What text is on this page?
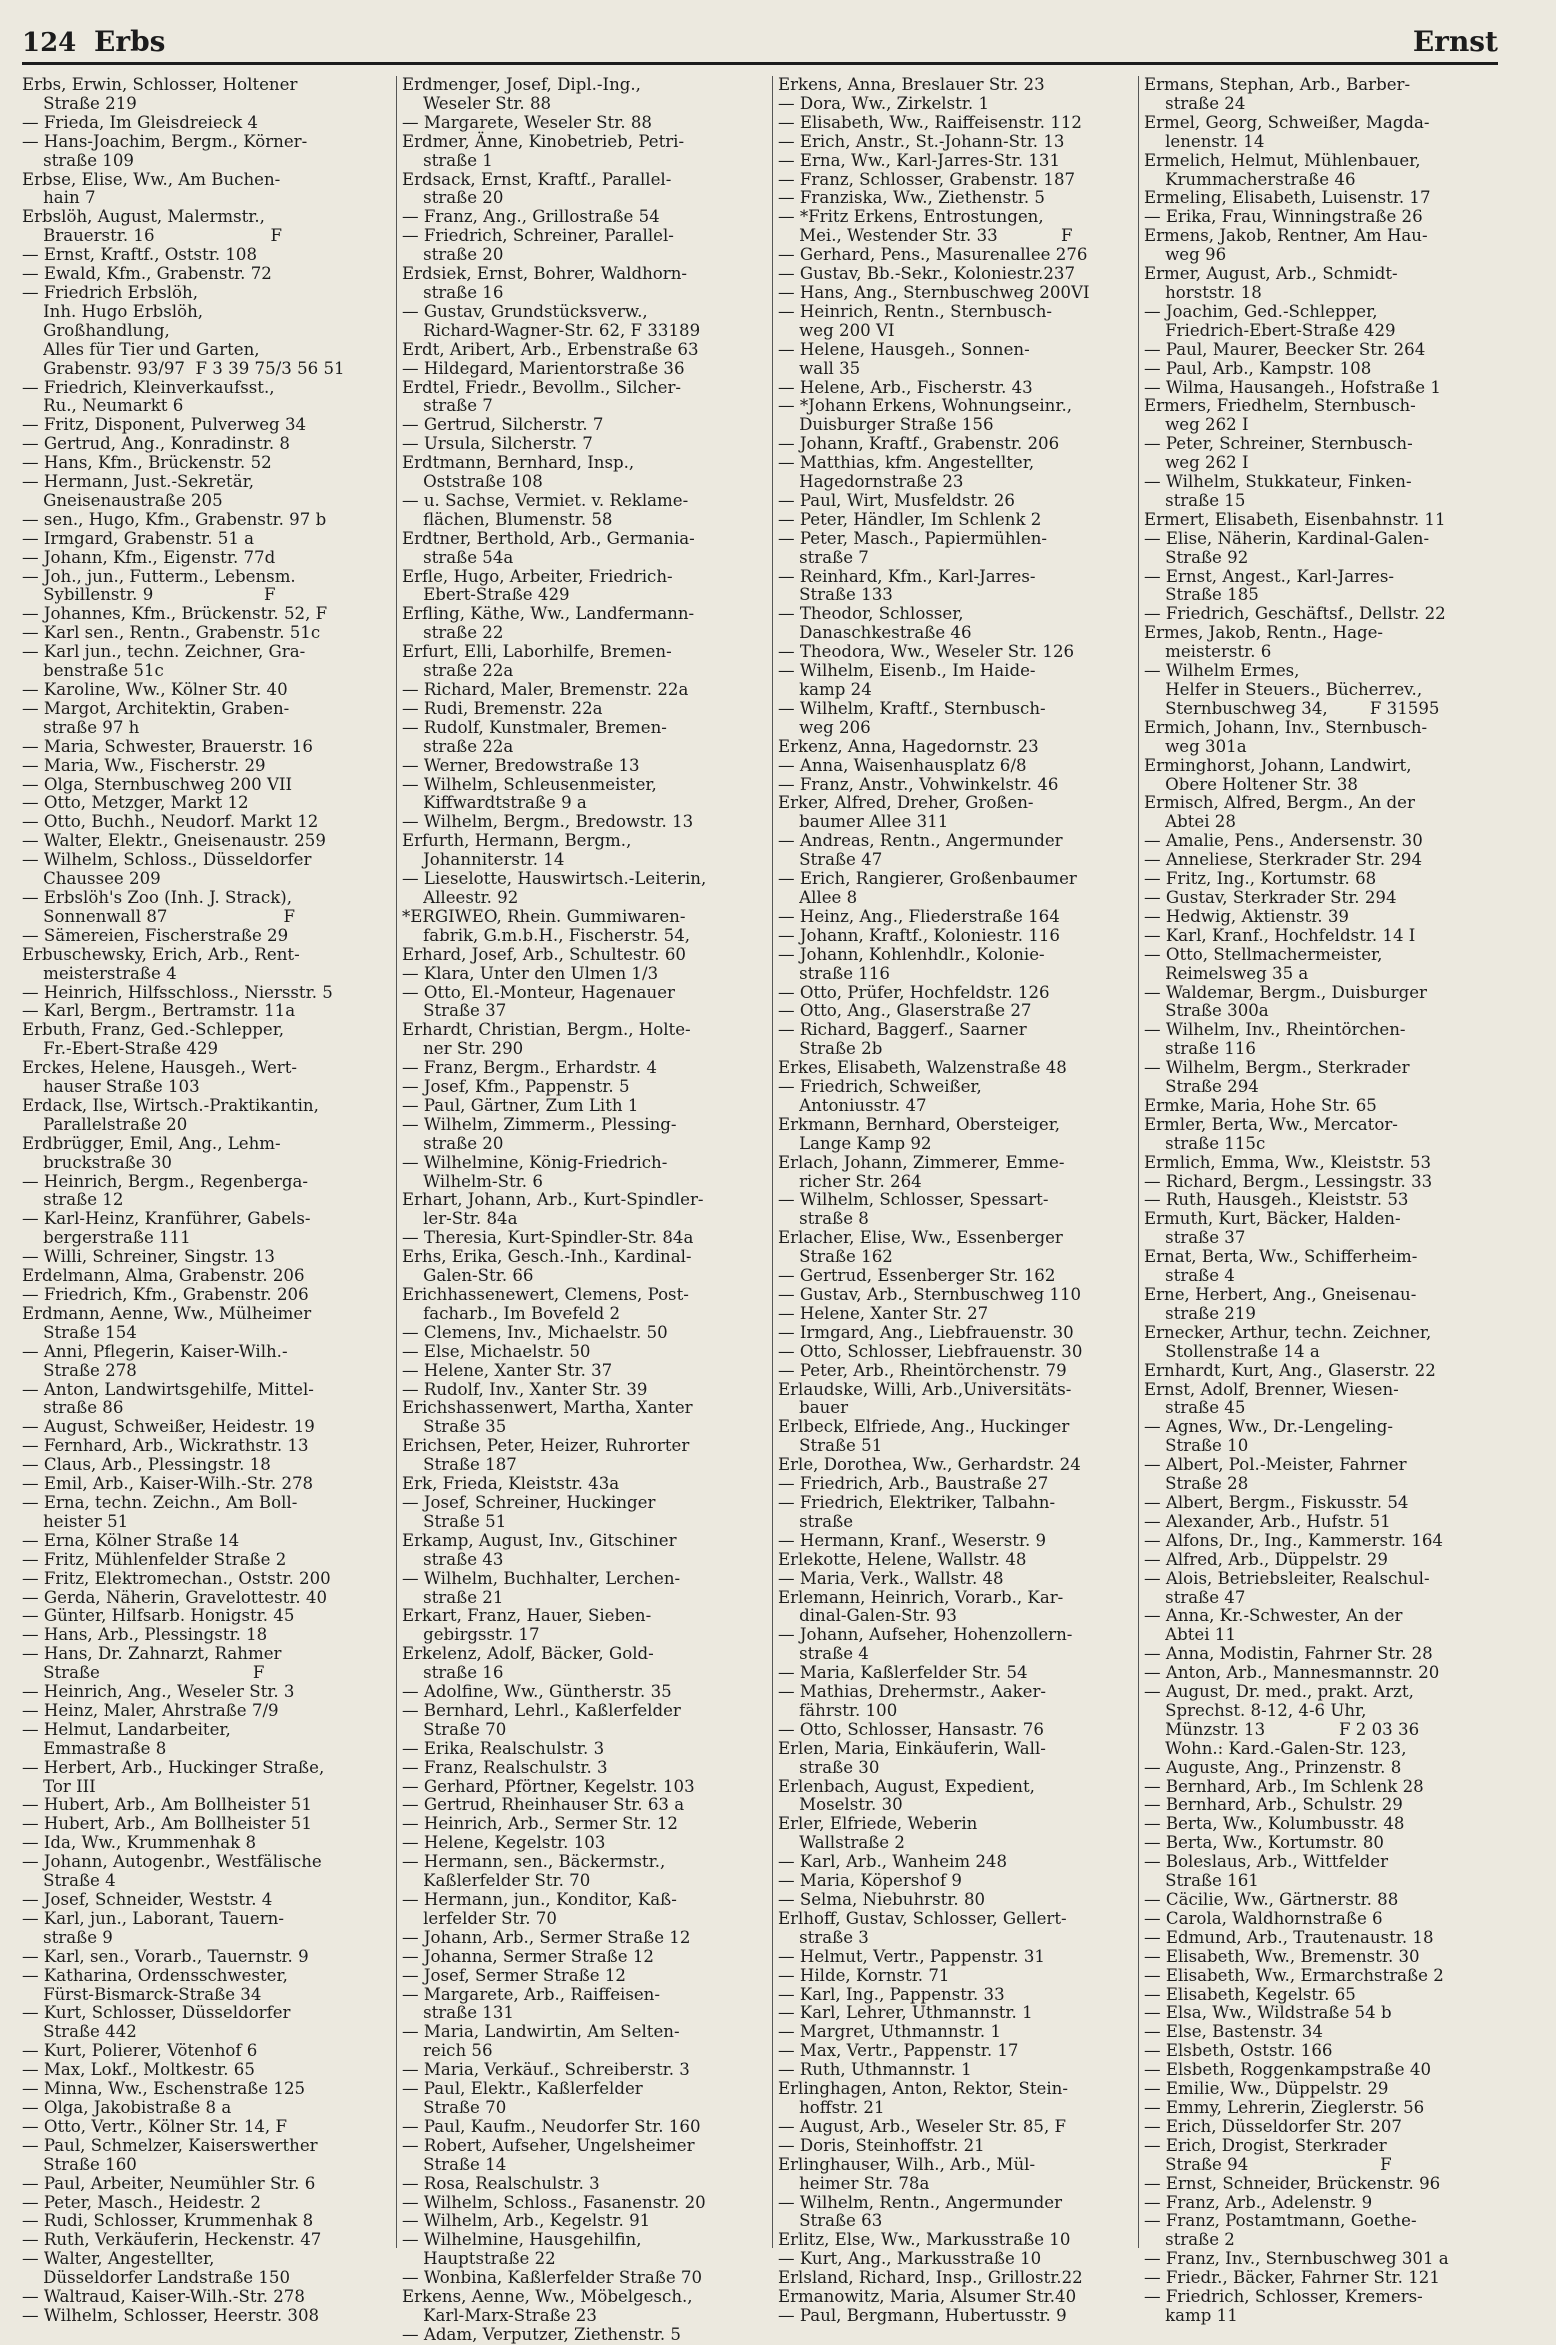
124 Erbs	Ernst
Erbs, Erwin, Schlosser, Holtener
Straße 219
— Frieda, Im Gleisdreieck 4
— Hans-Joachim, Bergm., Körner-
straße 109
Erbse, Elise, Ww., Am Buchen-
hain 7
Erbslöh, August, Malermstr.,
Brauerstr. 16                      F
— Ernst, Kraftf., Oststr. 108
— Ewald, Kfm., Grabenstr. 72
— Friedrich Erbslöh,
Inh. Hugo Erbslöh,
Großhandlung,
Alles für Tier und Garten,
Grabenstr. 93/97  F 3 39 75/3 56 51
— Friedrich, Kleinverkaufsst.,
Ru., Neumarkt 6
— Fritz, Disponent, Pulverweg 34
— Gertrud, Ang., Konradinstr. 8
— Hans, Kfm., Brückenstr. 52
— Hermann, Just.-Sekretär,
Gneisenaustraße 205
— sen., Hugo, Kfm., Grabenstr. 97 b
— Irmgard, Grabenstr. 51 a
— Johann, Kfm., Eigenstr. 77d
— Joh., jun., Futterm., Lebensm.
Sybillenstr. 9                     F
— Johannes, Kfm., Brückenstr. 52, F
— Karl sen., Rentn., Grabenstr. 51c
— Karl jun., techn. Zeichner, Gra-
benstraße 51c
— Karoline, Ww., Kölner Str. 40
— Margot, Architektin, Graben-
straße 97 h
— Maria, Schwester, Brauerstr. 16
— Maria, Ww., Fischerstr. 29
— Olga, Sternbuschweg 200 VII
— Otto, Metzger, Markt 12
— Otto, Buchh., Neudorf. Markt 12
— Walter, Elektr., Gneisenaustr. 259
— Wilhelm, Schloss., Düsseldorfer
Chaussee 209
— Erbslöh's Zoo (Inh. J. Strack),
Sonnenwall 87                      F
— Sämereien, Fischerstraße 29
Erbuschewsky, Erich, Arb., Rent-
meisterstraße 4
— Heinrich, Hilfsschloss., Niersstr. 5
— Karl, Bergm., Bertramstr. 11a
Erbuth, Franz, Ged.-Schlepper,
Fr.-Ebert-Straße 429
Erckes, Helene, Hausgeh., Wert-
hauser Straße 103
Erdack, Ilse, Wirtsch.-Praktikantin,
Parallelstraße 20
Erdbrügger, Emil, Ang., Lehm-
bruckstraße 30
— Heinrich, Bergm., Regenberga-
straße 12
— Karl-Heinz, Kranführer, Gabels-
bergerstraße 111
— Willi, Schreiner, Singstr. 13
Erdelmann, Alma, Grabenstr. 206
— Friedrich, Kfm., Grabenstr. 206
Erdmann, Aenne, Ww., Mülheimer
Straße 154
— Anni, Pflegerin, Kaiser-Wilh.-
Straße 278
— Anton, Landwirtsgehilfe, Mittel-
straße 86
— August, Schweißer, Heidestr. 19
— Fernhard, Arb., Wickrathstr. 13
— Claus, Arb., Plessingstr. 18
— Emil, Arb., Kaiser-Wilh.-Str. 278
— Erna, techn. Zeichn., Am Boll-
heister 51
— Erna, Kölner Straße 14
— Fritz, Mühlenfelder Straße 2
— Fritz, Elektromechan., Oststr. 200
— Gerda, Näherin, Gravelottestr. 40
— Günter, Hilfsarb. Honigstr. 45
— Hans, Arb., Plessingstr. 18
— Hans, Dr. Zahnarzt, Rahmer
Straße                             F
— Heinrich, Ang., Weseler Str. 3
— Heinz, Maler, Ahrstraße 7/9
— Helmut, Landarbeiter,
Emmastraße 8
— Herbert, Arb., Huckinger Straße,
Tor III
— Hubert, Arb., Am Bollheister 51
— Hubert, Arb., Am Bollheister 51
— Ida, Ww., Krummenhak 8
— Johann, Autogenbr., Westfälische
Straße 4
— Josef, Schneider, Weststr. 4
— Karl, jun., Laborant, Tauern-
straße 9
— Karl, sen., Vorarb., Tauernstr. 9
— Katharina, Ordensschwester,
Fürst-Bismarck-Straße 34
— Kurt, Schlosser, Düsseldorfer
Straße 442
— Kurt, Polierer, Vötenhof 6
— Max, Lokf., Moltkestr. 65
— Minna, Ww., Eschenstraße 125
— Olga, Jakobistraße 8 a
— Otto, Vertr., Kölner Str. 14, F
— Paul, Schmelzer, Kaiserswerther
Straße 160
— Paul, Arbeiter, Neumühler Str. 6
— Peter, Masch., Heidestr. 2
— Rudi, Schlosser, Krummenhak 8
— Ruth, Verkäuferin, Heckenstr. 47
— Walter, Angestellter,
Düsseldorfer Landstraße 150
— Waltraud, Kaiser-Wilh.-Str. 278
— Wilhelm, Schlosser, Heerstr. 308
Erdmenger, Josef, Dipl.-Ing.,
Weseler Str. 88
— Margarete, Weseler Str. 88
Erdmer, Änne, Kinobetrieb, Petri-
straße 1
Erdsack, Ernst, Kraftf., Parallel-
straße 20
— Franz, Ang., Grillostraße 54
— Friedrich, Schreiner, Parallel-
straße 20
Erdsiek, Ernst, Bohrer, Waldhorn-
straße 16
— Gustav, Grundstücksverw.,
Richard-Wagner-Str. 62, F 33189
Erdt, Aribert, Arb., Erbenstraße 63
— Hildegard, Marientorstraße 36
Erdtel, Friedr., Bevollm., Silcher-
straße 7
— Gertrud, Silcherstr. 7
— Ursula, Silcherstr. 7
Erdtmann, Bernhard, Insp.,
Oststraße 108
— u. Sachse, Vermiet. v. Reklame-
flächen, Blumenstr. 58
Erdtner, Berthold, Arb., Germania-
straße 54a
Erfle, Hugo, Arbeiter, Friedrich-
Ebert-Straße 429
Erfling, Käthe, Ww., Landfermann-
straße 22
Erfurt, Elli, Laborhilfe, Bremen-
straße 22a
— Richard, Maler, Bremenstr. 22a
— Rudi, Bremenstr. 22a
— Rudolf, Kunstmaler, Bremen-
straße 22a
— Werner, Bredowstraße 13
— Wilhelm, Schleusenmeister,
Kiffwardtstraße 9 a
— Wilhelm, Bergm., Bredowstr. 13
Erfurth, Hermann, Bergm.,
Johanniterstr. 14
— Lieselotte, Hauswirtsch.-Leiterin,
Alleestr. 92
*ERGIWEO, Rhein. Gummiwaren-
fabrik, G.m.b.H., Fischerstr. 54,
Erhard, Josef, Arb., Schultestr. 60
— Klara, Unter den Ulmen 1/3
— Otto, El.-Monteur, Hagenauer
Straße 37
Erhardt, Christian, Bergm., Holte-
ner Str. 290
— Franz, Bergm., Erhardstr. 4
— Josef, Kfm., Pappenstr. 5
— Paul, Gärtner, Zum Lith 1
— Wilhelm, Zimmerm., Plessing-
straße 20
— Wilhelmine, König-Friedrich-
Wilhelm-Str. 6
Erhart, Johann, Arb., Kurt-Spindler-
ler-Str. 84a
— Theresia, Kurt-Spindler-Str. 84a
Erhs, Erika, Gesch.-Inh., Kardinal-
Galen-Str. 66
Erichhassenewert, Clemens, Post-
facharb., Im Bovefeld 2
— Clemens, Inv., Michaelstr. 50
— Else, Michaelstr. 50
— Helene, Xanter Str. 37
— Rudolf, Inv., Xanter Str. 39
Erichshassenwert, Martha, Xanter
Straße 35
Erichsen, Peter, Heizer, Ruhrorter
Straße 187
Erk, Frieda, Kleiststr. 43a
— Josef, Schreiner, Huckinger
Straße 51
Erkamp, August, Inv., Gitschiner
straße 43
— Wilhelm, Buchhalter, Lerchen-
straße 21
Erkart, Franz, Hauer, Sieben-
gebirgsstr. 17
Erkelenz, Adolf, Bäcker, Gold-
straße 16
— Adolfine, Ww., Güntherstr. 35
— Bernhard, Lehrl., Kaßlerfelder
Straße 70
— Erika, Realschulstr. 3
— Franz, Realschulstr. 3
— Gerhard, Pförtner, Kegelstr. 103
— Gertrud, Rheinhauser Str. 63 a
— Heinrich, Arb., Sermer Str. 12
— Helene, Kegelstr. 103
— Hermann, sen., Bäckermstr.,
Kaßlerfelder Str. 70
— Hermann, jun., Konditor, Kaß-
lerfelder Str. 70
— Johann, Arb., Sermer Straße 12
— Johanna, Sermer Straße 12
— Josef, Sermer Straße 12
— Margarete, Arb., Raiffeisen-
straße 131
— Maria, Landwirtin, Am Selten-
reich 56
— Maria, Verkäuf., Schreiberstr. 3
— Paul, Elektr., Kaßlerfelder
Straße 70
— Paul, Kaufm., Neudorfer Str. 160
— Robert, Aufseher, Ungelsheimer
Straße 14
— Rosa, Realschulstr. 3
— Wilhelm, Schloss., Fasanenstr. 20
— Wilhelm, Arb., Kegelstr. 91
— Wilhelmine, Hausgehilfin,
Hauptstraße 22
— Wonbina, Kaßlerfelder Straße 70
Erkens, Aenne, Ww., Möbelgesch.,
Karl-Marx-Straße 23
— Adam, Verputzer, Ziethenstr. 5
Erkens, Anna, Breslauer Str. 23
— Dora, Ww., Zirkelstr. 1
— Elisabeth, Ww., Raiffeisenstr. 112
— Erich, Anstr., St.-Johann-Str. 13
— Erna, Ww., Karl-Jarres-Str. 131
— Franz, Schlosser, Grabenstr. 187
— Franziska, Ww., Ziethenstr. 5
— *Fritz Erkens, Entrostungen,
Mei., Westender Str. 33            F
— Gerhard, Pens., Masurenallee 276
— Gustav, Bb.-Sekr., Koloniestr.237
— Hans, Ang., Sternbuschweg 200VI
— Heinrich, Rentn., Sternbusch-
weg 200 VI
— Helene, Hausgeh., Sonnen-
wall 35
— Helene, Arb., Fischerstr. 43
— *Johann Erkens, Wohnungseinr.,
Duisburger Straße 156
— Johann, Kraftf., Grabenstr. 206
— Matthias, kfm. Angestellter,
Hagedornstraße 23
— Paul, Wirt, Musfeldstr. 26
— Peter, Händler, Im Schlenk 2
— Peter, Masch., Papiermühlen-
straße 7
— Reinhard, Kfm., Karl-Jarres-
Straße 133
— Theodor, Schlosser,
Danaschkestraße 46
— Theodora, Ww., Weseler Str. 126
— Wilhelm, Eisenb., Im Haide-
kamp 24
— Wilhelm, Kraftf., Sternbusch-
weg 206
Erkenz, Anna, Hagedornstr. 23
— Anna, Waisenhausplatz 6/8
— Franz, Anstr., Vohwinkelstr. 46
Erker, Alfred, Dreher, Großen-
baumer Allee 311
— Andreas, Rentn., Angermunder
Straße 47
— Erich, Rangierer, Großenbaumer
Allee 8
— Heinz, Ang., Fliederstraße 164
— Johann, Kraftf., Koloniestr. 116
— Johann, Kohlenhdlr., Kolonie-
straße 116
— Otto, Prüfer, Hochfeldstr. 126
— Otto, Ang., Glaserstraße 27
— Richard, Baggerf., Saarner
Straße 2b
Erkes, Elisabeth, Walzenstraße 48
— Friedrich, Schweißer,
Antoniusstr. 47
Erkmann, Bernhard, Obersteiger,
Lange Kamp 92
Erlach, Johann, Zimmerer, Emme-
richer Str. 264
— Wilhelm, Schlosser, Spessart-
straße 8
Erlacher, Elise, Ww., Essenberger
Straße 162
— Gertrud, Essenberger Str. 162
— Gustav, Arb., Sternbuschweg 110
— Helene, Xanter Str. 27
— Irmgard, Ang., Liebfrauenstr. 30
— Otto, Schlosser, Liebfrauenstr. 30
— Peter, Arb., Rheintörchenstr. 79
Erlaudske, Willi, Arb.,Universitäts-
bauer
Erlbeck, Elfriede, Ang., Huckinger
Straße 51
Erle, Dorothea, Ww., Gerhardstr. 24
— Friedrich, Arb., Baustraße 27
— Friedrich, Elektriker, Talbahn-
straße
— Hermann, Kranf., Weserstr. 9
Erlekotte, Helene, Wallstr. 48
— Maria, Verk., Wallstr. 48
Erlemann, Heinrich, Vorarb., Kar-
dinal-Galen-Str. 93
— Johann, Aufseher, Hohenzollern-
straße 4
— Maria, Kaßlerfelder Str. 54
— Mathias, Drehermstr., Aaker-
fährstr. 100
— Otto, Schlosser, Hansastr. 76
Erlen, Maria, Einkäuferin, Wall-
straße 30
Erlenbach, August, Expedient,
Moselstr. 30
Erler, Elfriede, Weberin
Wallstraße 2
— Karl, Arb., Wanheim 248
— Maria, Köpershof 9
— Selma, Niebuhrstr. 80
Erlhoff, Gustav, Schlosser, Gellert-
straße 3
— Helmut, Vertr., Pappenstr. 31
— Hilde, Kornstr. 71
— Karl, Ing., Pappenstr. 33
— Karl, Lehrer, Uthmannstr. 1
— Margret, Uthmannstr. 1
— Max, Vertr., Pappenstr. 17
— Ruth, Uthmannstr. 1
Erlinghagen, Anton, Rektor, Stein-
hoffstr. 21
— August, Arb., Weseler Str. 85, F
— Doris, Steinhoffstr. 21
Erlinghauser, Wilh., Arb., Mül-
heimer Str. 78a
— Wilhelm, Rentn., Angermunder
Straße 63
Erlitz, Else, Ww., Markusstraße 10
— Kurt, Ang., Markusstraße 10
Erlsland, Richard, Insp., Grillostr.22
Ermanowitz, Maria, Alsumer Str.40
— Paul, Bergmann, Hubertusstr. 9
Ermans, Stephan, Arb., Barber-
straße 24
Ermel, Georg, Schweißer, Magda-
lenenstr. 14
Ermelich, Helmut, Mühlenbauer,
Krummacherstraße 46
Ermeling, Elisabeth, Luisenstr. 17
— Erika, Frau, Winningstraße 26
Ermens, Jakob, Rentner, Am Hau-
weg 96
Ermer, August, Arb., Schmidt-
horststr. 18
— Joachim, Ged.-Schlepper,
Friedrich-Ebert-Straße 429
— Paul, Maurer, Beecker Str. 264
— Paul, Arb., Kampstr. 108
— Wilma, Hausangeh., Hofstraße 1
Ermers, Friedhelm, Sternbusch-
weg 262 I
— Peter, Schreiner, Sternbusch-
weg 262 I
— Wilhelm, Stukkateur, Finken-
straße 15
Ermert, Elisabeth, Eisenbahnstr. 11
— Elise, Näherin, Kardinal-Galen-
Straße 92
— Ernst, Angest., Karl-Jarres-
Straße 185
— Friedrich, Geschäftsf., Dellstr. 22
Ermes, Jakob, Rentn., Hage-
meisterstr. 6
— Wilhelm Ermes,
Helfer in Steuers., Bücherrev.,
Sternbuschweg 34,        F 31595
Ermich, Johann, Inv., Sternbusch-
weg 301a
Erminghorst, Johann, Landwirt,
Obere Holtener Str. 38
Ermisch, Alfred, Bergm., An der
Abtei 28
— Amalie, Pens., Andersenstr. 30
— Anneliese, Sterkrader Str. 294
— Fritz, Ing., Kortumstr. 68
— Gustav, Sterkrader Str. 294
— Hedwig, Aktienstr. 39
— Karl, Kranf., Hochfeldstr. 14 I
— Otto, Stellmachermeister,
Reimelsweg 35 a
— Waldemar, Bergm., Duisburger
Straße 300a
— Wilhelm, Inv., Rheintörchen-
straße 116
— Wilhelm, Bergm., Sterkrader
Straße 294
Ermke, Maria, Hohe Str. 65
Ermler, Berta, Ww., Mercator-
straße 115c
Ermlich, Emma, Ww., Kleiststr. 53
— Richard, Bergm., Lessingstr. 33
— Ruth, Hausgeh., Kleiststr. 53
Ermuth, Kurt, Bäcker, Halden-
straße 37
Ernat, Berta, Ww., Schifferheim-
straße 4
Erne, Herbert, Ang., Gneisenau-
straße 219
Ernecker, Arthur, techn. Zeichner,
Stollenstraße 14 a
Ernhardt, Kurt, Ang., Glaserstr. 22
Ernst, Adolf, Brenner, Wiesen-
straße 45
— Agnes, Ww., Dr.-Lengeling-
Straße 10
— Albert, Pol.-Meister, Fahrner
Straße 28
— Albert, Bergm., Fiskusstr. 54
— Alexander, Arb., Hufstr. 51
— Alfons, Dr., Ing., Kammerstr. 164
— Alfred, Arb., Düppelstr. 29
— Alois, Betriebsleiter, Realschul-
straße 47
— Anna, Kr.-Schwester, An der
Abtei 11
— Anna, Modistin, Fahrner Str. 28
— Anton, Arb., Mannesmannstr. 20
— August, Dr. med., prakt. Arzt,
Sprechst. 8-12, 4-6 Uhr,
Münzstr. 13              F 2 03 36
Wohn.: Kard.-Galen-Str. 123,
— Auguste, Ang., Prinzenstr. 8
— Bernhard, Arb., Im Schlenk 28
— Bernhard, Arb., Schulstr. 29
— Berta, Ww., Kolumbusstr. 48
— Berta, Ww., Kortumstr. 80
— Boleslaus, Arb., Wittfelder
Straße 161
— Cäcilie, Ww., Gärtnerstr. 88
— Carola, Waldhornstraße 6
— Edmund, Arb., Trautenaustr. 18
— Elisabeth, Ww., Bremenstr. 30
— Elisabeth, Ww., Ermarchstraße 2
— Elisabeth, Kegelstr. 65
— Elsa, Ww., Wildstraße 54 b
— Else, Bastenstr. 34
— Elsbeth, Oststr. 166
— Elsbeth, Roggenkampstraße 40
— Emilie, Ww., Düppelstr. 29
— Emmy, Lehrerin, Zieglerstr. 56
— Erich, Düsseldorfer Str. 207
— Erich, Drogist, Sterkrader
Straße 94                         F
— Ernst, Schneider, Brückenstr. 96
— Franz, Arb., Adelenstr. 9
— Franz, Postamtmann, Goethe-
straße 2
— Franz, Inv., Sternbuschweg 301 a
— Friedr., Bäcker, Fahrner Str. 121
— Friedrich, Schlosser, Kremers-
kamp 11
